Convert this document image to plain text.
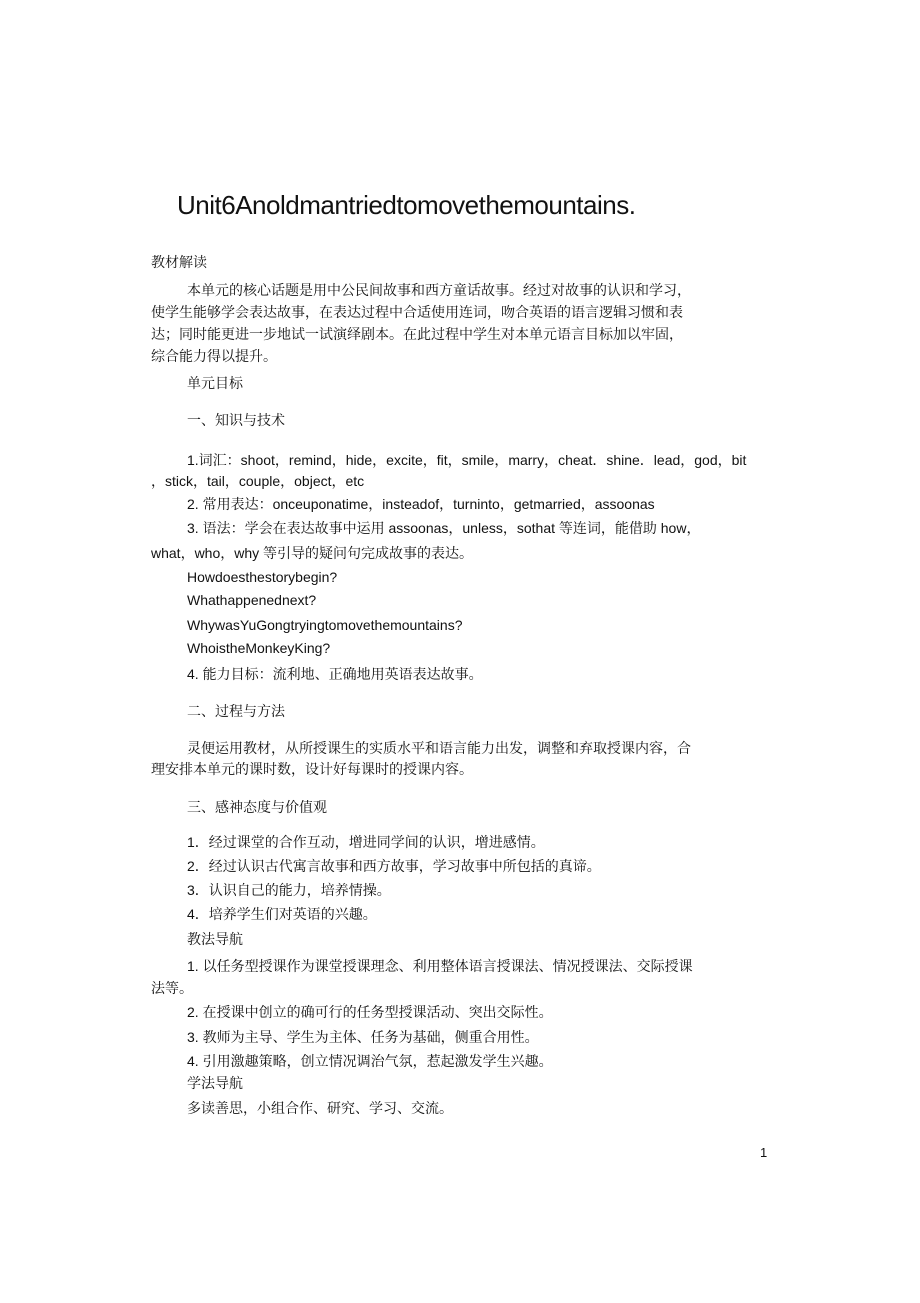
Unit6Anoldmantriedtomovethemountains.
教材解读
本单元的核心话题是用中公民间故事和西方童话故事。经过对故事的认识和学习，
使学生能够学会表达故事，在表达过程中合适使用连词，吻合英语的语言逻辑习惯和表
达；同时能更进一步地试一试演绎剧本。在此过程中学生对本单元语言目标加以牢固，
综合能力得以提升。
单元目标
一、知识与技术
1.词汇：shoot，remind，hide，excite，fit，smile，marry，cheat．shine．lead，god，bit
，stick，tail，couple，object，etc
2. 常用表达：onceuponatime，insteadof，turninto，getmarried，assoonas
3. 语法：学会在表达故事中运用 assoonas，unless，sothat 等连词，能借助 how，
what，who，why 等引导的疑问句完成故事的表达。
Howdoesthestorybegin?
Whathappenednext?
WhywasYuGongtryingtomovethemountains?
WhoistheMonkeyKing?
4. 能力目标：流利地、正确地用英语表达故事。
二、过程与方法
灵便运用教材，从所授课生的实质水平和语言能力出发，调整和弃取授课内容，合
理安排本单元的课时数，设计好每课时的授课内容。
三、感神态度与价值观
1．经过课堂的合作互动，增进同学间的认识，增进感情。
2．经过认识古代寓言故事和西方故事，学习故事中所包括的真谛。
3．认识自己的能力，培养情操。
4．培养学生们对英语的兴趣。
教法导航
1. 以任务型授课作为课堂授课理念、利用整体语言授课法、情况授课法、交际授课
法等。
2. 在授课中创立的确可行的任务型授课活动、突出交际性。
3. 教师为主导、学生为主体、任务为基础，侧重合用性。
4. 引用激趣策略，创立情况调治气氛，惹起激发学生兴趣。
学法导航
多读善思，小组合作、研究、学习、交流。
1
